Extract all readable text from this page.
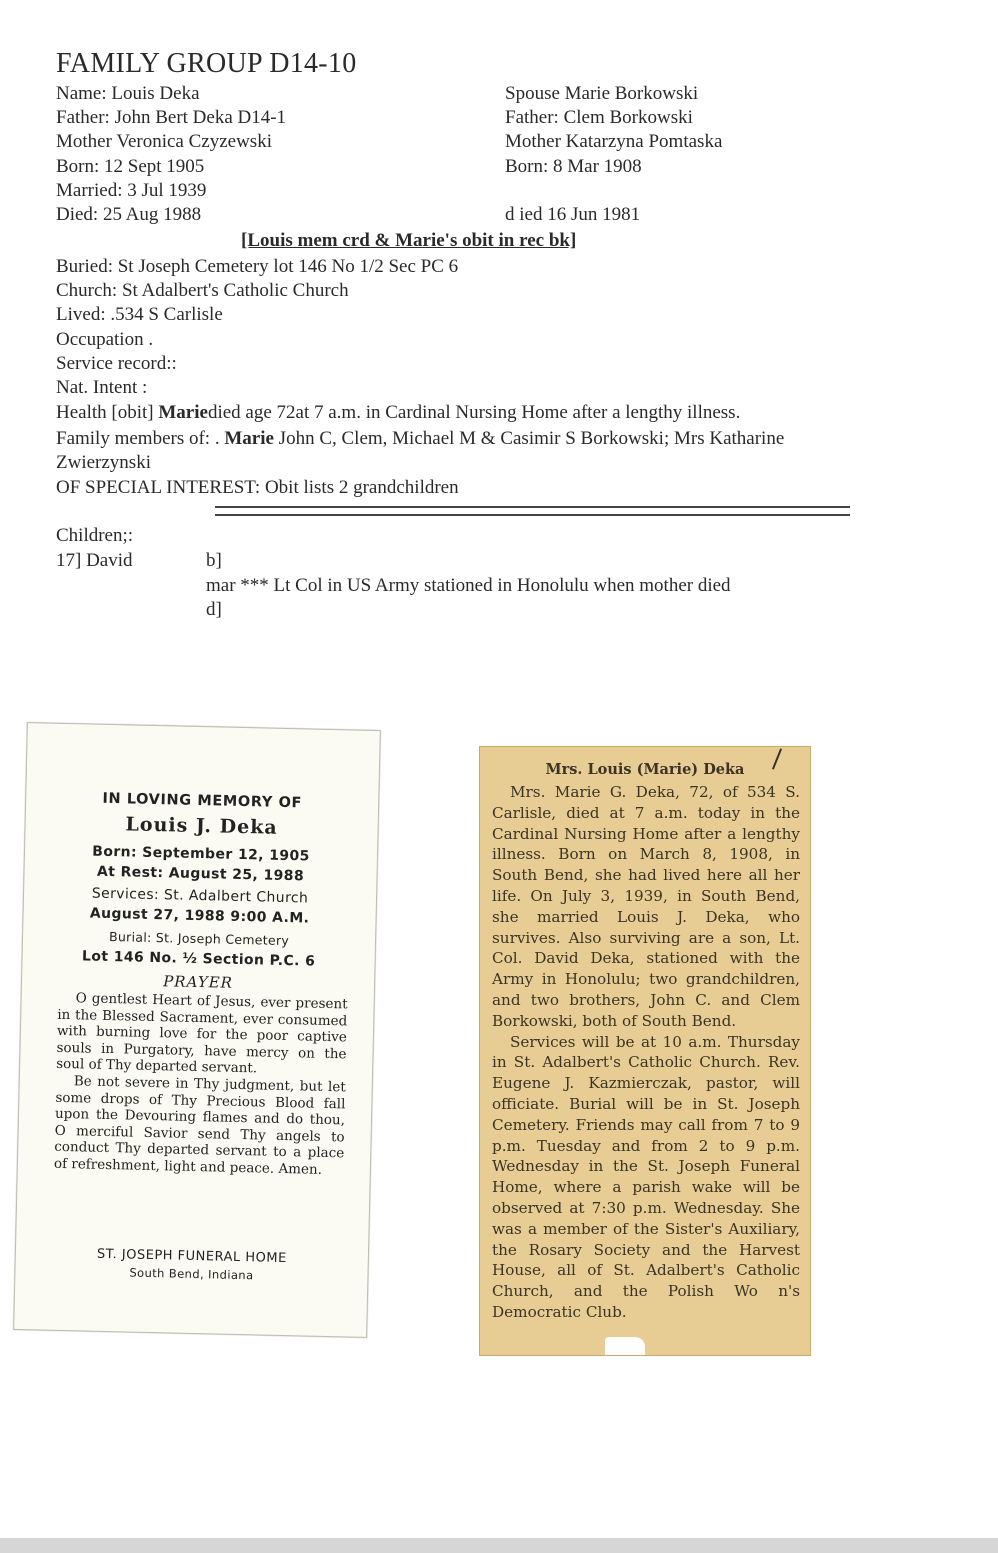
FAMILY GROUP D14-10
Name: Louis Deka
Father: John Bert Deka D14-1
Mother Veronica Czyzewski
Born: 12 Sept 1905
Married: 3 Jul 1939
Died: 25 Aug 1988
Spouse Marie Borkowski
Father: Clem Borkowski
Mother Katarzyna Pomtaska
Born: 8 Mar 1908
d ied 16 Jun 1981
[Louis mem crd & Marie's obit in rec bk]
Buried: St Joseph Cemetery lot 146 No 1/2 Sec PC 6
Church: St Adalbert's Catholic Church
Lived: .534 S Carlisle
Occupation .
Service record::
Nat. Intent :
Health [obit] Mariedied age 72at 7 a.m. in Cardinal Nursing Home after a lengthy illness.
Family members of: . Marie John C, Clem, Michael M & Casimir S Borkowski; Mrs Katharine
Zwierzynski
OF SPECIAL INTEREST: Obit lists 2 grandchildren
Children;:
17] David	b]
mar *** Lt Col in US Army stationed in Honolulu when mother died
d]
IN LOVING MEMORY OF
Louis J. Deka
Born: September 12, 1905
At Rest: August 25, 1988
Services: St. Adalbert Church
August 27, 1988 9:00 A.M.
Burial: St. Joseph Cemetery
Lot 146 No. ½ Section P.C. 6
PRAYER

O gentlest Heart of Jesus, ever present in the Blessed Sacrament, ever consumed with burning love for the poor captive souls in Purgatory, have mercy on the soul of Thy departed servant.

Be not severe in Thy judgment, but let some drops of Thy Precious Blood fall upon the Devouring flames and do thou, O merciful Savior send Thy angels to conduct Thy departed servant to a place of refreshment, light and peace. Amen.

ST. JOSEPH FUNERAL HOME
South Bend, Indiana
Mrs. Louis (Marie) Deka

Mrs. Marie G. Deka, 72, of 534 S. Carlisle, died at 7 a.m. today in the Cardinal Nursing Home after a lengthy illness. Born on March 8, 1908, in South Bend, she had lived here all her life. On July 3, 1939, in South Bend, she married Louis J. Deka, who survives. Also surviving are a son, Lt. Col. David Deka, stationed with the Army in Honolulu; two grandchildren, and two brothers, John C. and Clem Borkowski, both of South Bend.

Services will be at 10 a.m. Thursday in St. Adalbert's Catholic Church. Rev. Eugene J. Kazmierczak, pastor, will officiate. Burial will be in St. Joseph Cemetery. Friends may call from 7 to 9 p.m. Tuesday and from 2 to 9 p.m. Wednesday in the St. Joseph Funeral Home, where a parish wake will be observed at 7:30 p.m. Wednesday. She was a member of the Sister's Auxiliary, the Rosary Society and the Harvest House, all of St. Adalbert's Catholic Church, and the Polish Wo n's Democratic Club.
